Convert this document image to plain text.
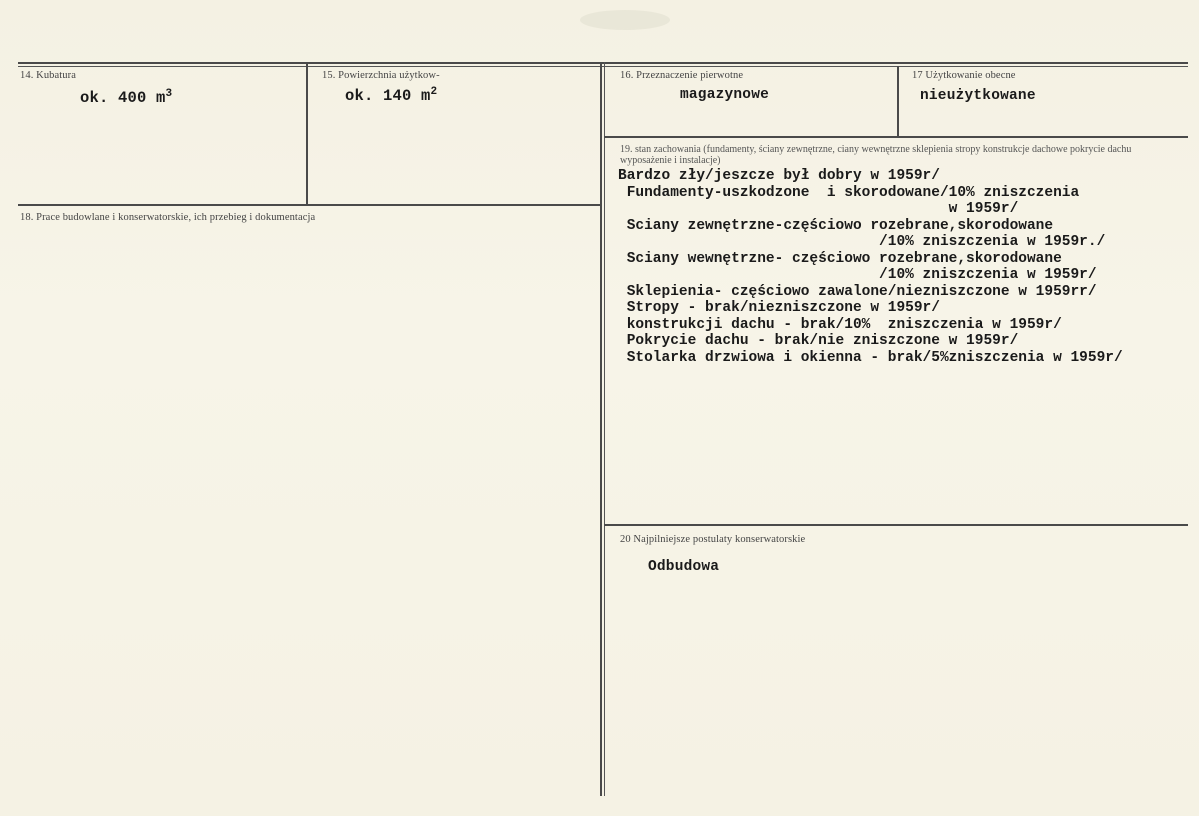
14. Kubatura
ok. 400 $m^3$
15. Powierzchnia użytkow-
ok. 140 $m^2$
16. Przeznaczenie pierwotne
magazynowe
17 Użytkowanie obecne
nieużytkowane
18. Prace budowlane i konserwatorskie, ich przebieg i dokumentacja
19. stan zachowania (fundamenty, ściany zewnętrzne, ciany wewnętrzne sklepienia stropy konstrukcje dachowe pokrycie dachu wyposażenie i instalacje)
Bardzo zły/jeszcze był dobry w 1959r/
Fundamenty-uszkodzone  i skorodowane/10% zniszczenia
w 1959r/
Sciany zewnętrzne-częściowo rozebrane,skorodowane
/10% zniszczenia w 1959r./
Sciany wewnętrzne- częściowo rozebrane,skorodowane
/10% zniszczenia w 1959r/
Sklepienia- częściowo zawalone/niezniszczone w 1959rr/
Stropy - brak/niezniszczone w 1959r/
konstrukcji dachu - brak/10%  zniszczenia w 1959r/
Pokrycie dachu - brak/nie zniszczone w 1959r/
Stolarka drzwiowa i okienna - brak/5%zniszczenia w 1959r/
20 Najpilniejsze postulaty konserwatorskie
Odbudowa
